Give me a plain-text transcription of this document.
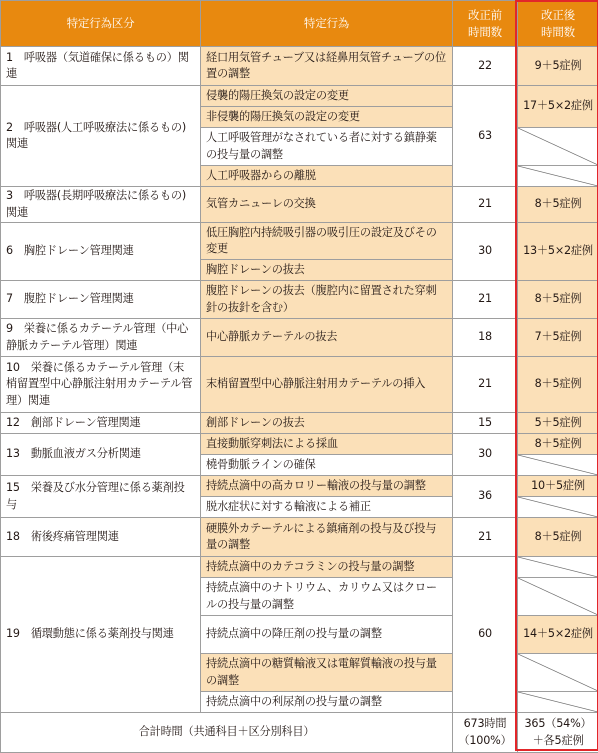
特定行為区分	特定行為	改正前
時間数	改正後
時間数
1　呼吸器（気道確保に係るもの）関連	経口用気管チューブ又は経鼻用気管チューブの位置の調整	22	9＋5症例
2　呼吸器(人工呼吸療法に係るもの)関連	侵襲的陽圧換気の設定の変更	63	17＋5×2症例
	非侵襲的陽圧換気の設定の変更		
	人工呼吸管理がなされている者に対する鎮静薬の投与量の調整		
	人工呼吸器からの離脱		
3　呼吸器(長期呼吸療法に係るもの)関連	気管カニューレの交換	21	8＋5症例
6　胸腔ドレーン管理関連	低圧胸腔内持続吸引器の吸引圧の設定及びその変更	30	13＋5×2症例
	胸腔ドレーンの抜去		
7　腹腔ドレーン管理関連	腹腔ドレーンの抜去（腹腔内に留置された穿刺針の抜針を含む）	21	8＋5症例
9　栄養に係るカテーテル管理（中心静脈カテーテル管理）関連	中心静脈カテーテルの抜去	18	7＋5症例
10　栄養に係るカテーテル管理（末梢留置型中心静脈注射用カテーテル管理）関連	末梢留置型中心静脈注射用カテーテルの挿入	21	8＋5症例
12　創部ドレーン管理関連	創部ドレーンの抜去	15	5＋5症例
13　動脈血液ガス分析関連	直接動脈穿刺法による採血	30	8＋5症例
	橈骨動脈ラインの確保		
15　栄養及び水分管理に係る薬剤投与	持続点滴中の高カロリー輸液の投与量の調整	36	10＋5症例
	脱水症状に対する輸液による補正		
18　術後疼痛管理関連	硬膜外カテーテルによる鎮痛剤の投与及び投与量の調整	21	8＋5症例
19　循環動態に係る薬剤投与関連	持続点滴中のカテコラミンの投与量の調整	60	
	持続点滴中のナトリウム、カリウム又はクロールの投与量の調整		
	持続点滴中の降圧剤の投与量の調整		14＋5×2症例
	持続点滴中の糖質輸液又は電解質輸液の投与量の調整		
	持続点滴中の利尿剤の投与量の調整		
合計時間（共通科目＋区分別科目）		673時間（100%）	365（54%）＋各5症例
